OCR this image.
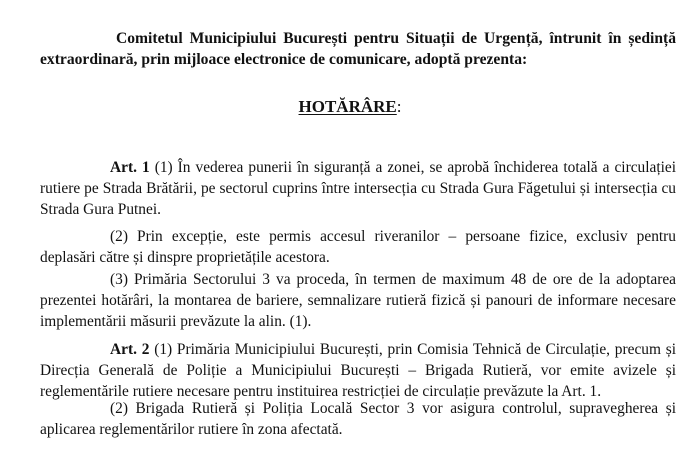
Comitetul Municipiului București pentru Situații de Urgență, întrunit în ședință
extraordinară, prin mijloace electronice de comunicare, adoptă prezenta:
HOTĂRÂRE:

Art. 1 (1) În vederea punerii în siguranță a zonei, se aprobă închiderea totală a circulației rutiere pe Strada Brătării, pe sectorul cuprins între intersecția cu Strada Gura Făgetului și intersecția cu Strada Gura Putnei.

(2) Prin excepție, este permis accesul riveranilor – persoane fizice, exclusiv pentru deplasări către și dinspre proprietățile acestora.

(3) Primăria Sectorului 3 va proceda, în termen de maximum 48 de ore de la adoptarea prezentei hotărâri, la montarea de bariere, semnalizare rutieră fizică și panouri de informare necesare implementării măsurii prevăzute la alin. (1).

Art. 2 (1) Primăria Municipiului București, prin Comisia Tehnică de Circulație, precum și Direcția Generală de Poliție a Municipiului București – Brigada Rutieră, vor emite avizele și reglementările rutiere necesare pentru instituirea restricției de circulație prevăzute la Art. 1.

(2) Brigada Rutieră și Poliția Locală Sector 3 vor asigura controlul, supravegherea și aplicarea reglementărilor rutiere în zona afectată.
